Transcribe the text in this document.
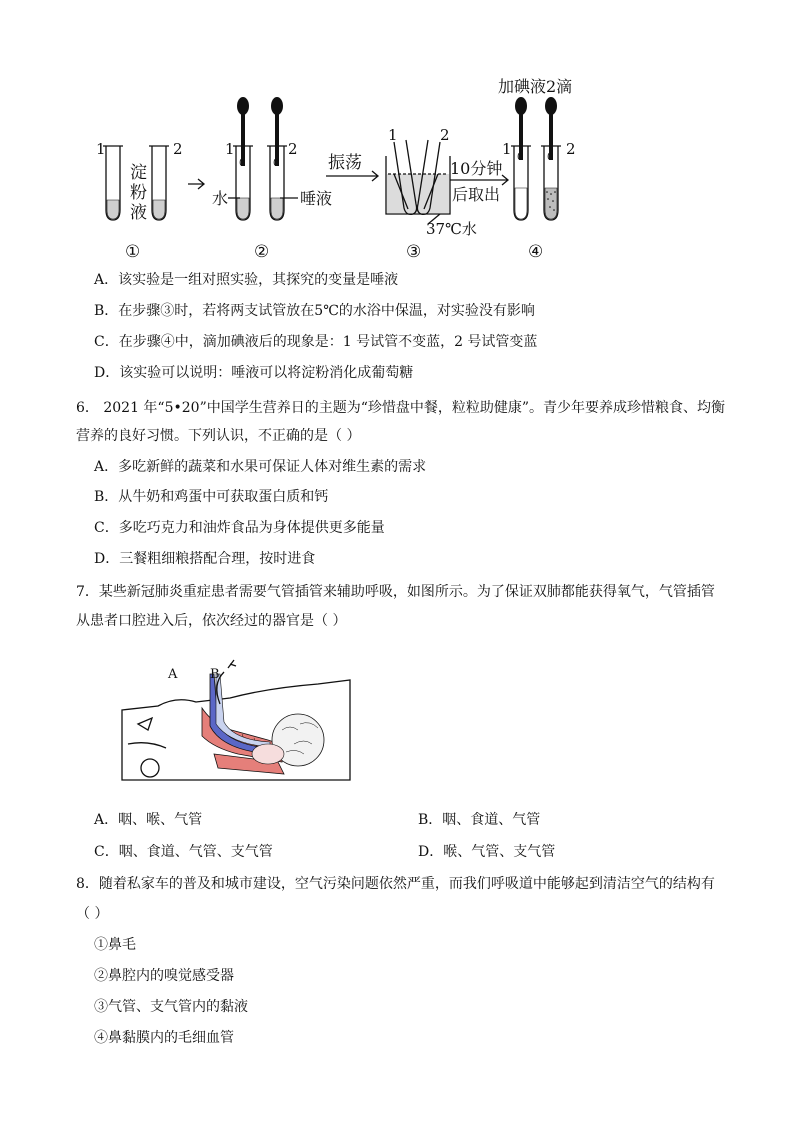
1
淀
粉
液
2
①
1
0
水
0
2
唾液
②
振荡
1	2
37℃水
③
10分钟
后取出
加碘液2滴
0 0
1	2
④
A．该实验是一组对照实验，其探究的变量是唾液
B．在步骤③时，若将两支试管放在5℃的水浴中保温，对实验没有影响
C．在步骤④中，滴加碘液后的现象是：1 号试管不变蓝，2 号试管变蓝
D．该实验可以说明：唾液可以将淀粉消化成葡萄糖
6． 2021 年“5•20”中国学生营养日的主题为“珍惜盘中餐，粒粒助健康”。青少年要养成珍惜粮食、均衡
营养的良好习惯。下列认识，不正确的是（ ）
A．多吃新鲜的蔬菜和水果可保证人体对维生素的需求
B．从牛奶和鸡蛋中可获取蛋白质和钙
C．多吃巧克力和油炸食品为身体提供更多能量
D．三餐粗细粮搭配合理，按时进食
7．某些新冠肺炎重症患者需要气管插管来辅助呼吸，如图所示。为了保证双肺都能获得氧气，气管插管
从患者口腔进入后，依次经过的器官是（ ）
A	B
A．咽、喉、气管	B．咽、食道、气管
C．咽、食道、气管、支气管	D．喉、气管、支气管
8．随着私家车的普及和城市建设，空气污染问题依然严重，而我们呼吸道中能够起到清洁空气的结构有
（ ）
①鼻毛
②鼻腔内的嗅觉感受器
③气管、支气管内的黏液
④鼻黏膜内的毛细血管
